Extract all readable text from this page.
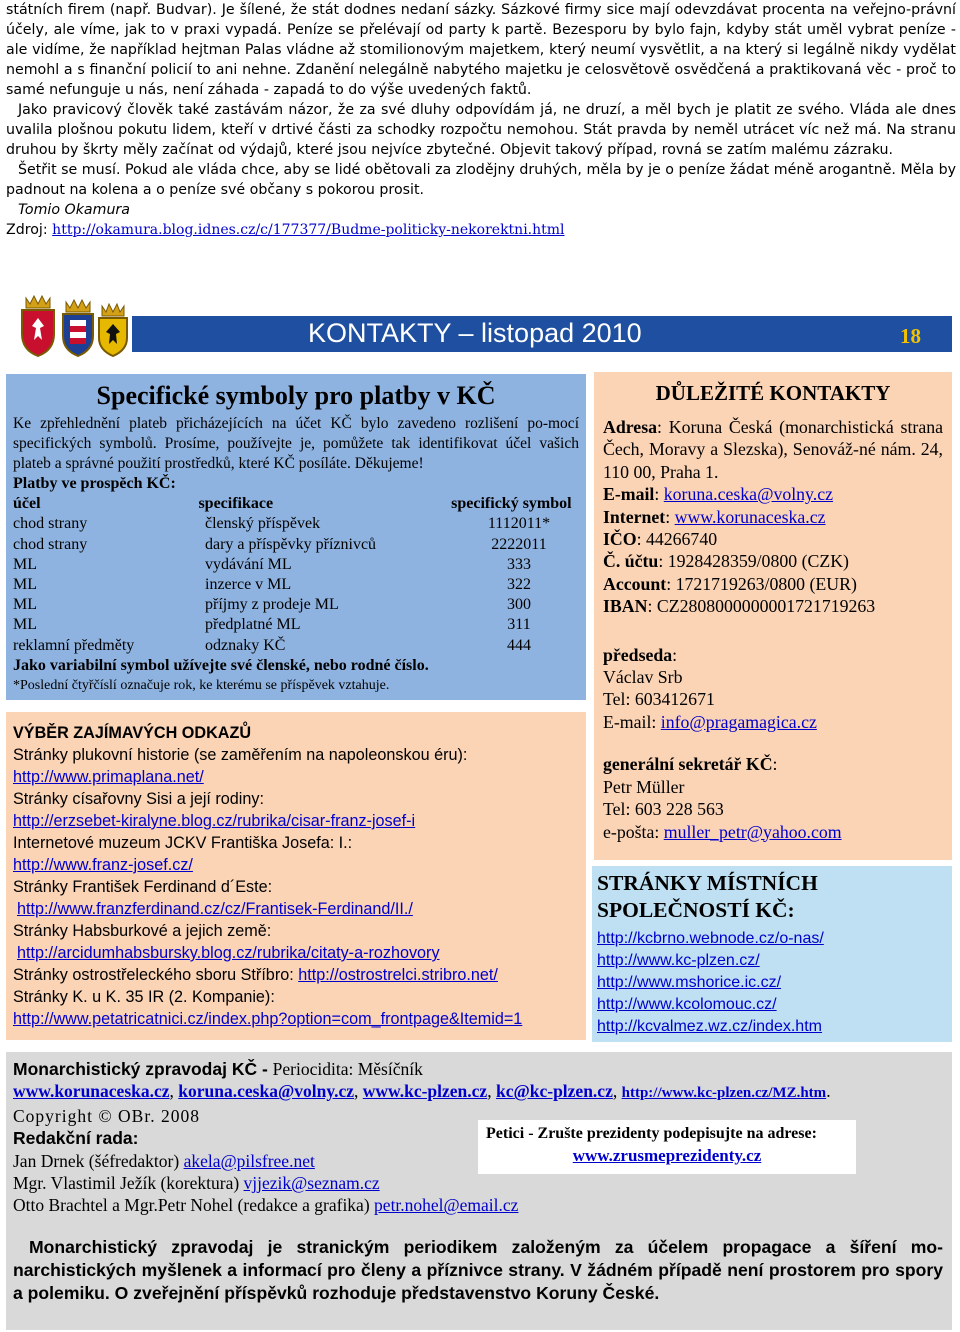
státních firem (např. Budvar). Je šílené, že stát dodnes nedaní sázky. Sázkové firmy sice mají odevzdávat procenta na veřejno-právní účely, ale víme, jak to v praxi vypadá. Peníze se přelévají od party k partě. Bezesporu by bylo fajn, kdyby stát uměl vybrat peníze - ale vidíme, že například hejtman Palas vládne až stomilionovým majetkem, který neumí vysvětlit, a na který si legálně nikdy vydělat nemohl a s finanční policií to ani nehne. Zdanění nelegálně nabytého majetku je celosvětově osvědčená a praktikovaná věc - proč to samé nefunguje u nás, není záhada - zapadá to do výše uvedených faktů.

Jako pravicový člověk také zastávám názor, že za své dluhy odpovídám já, ne druzí, a měl bych je platit ze svého. Vláda ale dnes uvalila plošnou pokutu lidem, kteří v drtivé části za schodky rozpočtu nemohou. Stát pravda by neměl utrácet víc než má. Na stranu druhou by škrty měly začínat od výdajů, které jsou nejvíce zbytečné. Objevit takový případ, rovná se zatím malému zázraku.

Šetřit se musí. Pokud ale vláda chce, aby se lidé obětovali za zlodějny druhých, měla by je o peníze žádat méně arogantně. Měla by padnout na kolena a o peníze své občany s pokorou prosit.

Tomio Okamura

Zdroj: http://okamura.blog.idnes.cz/c/177377/Budme-politicky-nekorektni.html

KONTAKTY – listopad 2010	18
Specifické symboly pro platby v KČ
Ke zpřehlednění plateb přicházejících na účet KČ bylo zavedeno rozlišení po-mocí specifických symbolů. Prosíme, používejte je, pomůžete tak identifikovat účel vašich plateb a správné použití prostředků, které KČ posíláte. Děkujeme!
Platby ve prospěch KČ:
účel	specifikace	specifický symbol
chod strany	členský příspěvek	1112011*
chod strany	dary a příspěvky příznivců	2222011
ML	vydávání ML	333
ML	inzerce v ML	322
ML	příjmy z prodeje ML	300
ML	předplatné ML	311
reklamní předměty	odznaky KČ	444
Jako variabilní symbol užívejte své členské, nebo rodné číslo.
*Poslední čtyřčíslí označuje rok, ke kterému se příspěvek vztahuje.
VÝBĚR ZAJÍMAVÝCH ODKAZŮ
Stránky plukovní historie (se zaměřením na napoleonskou éru):
http://www.primaplana.net/
Stránky císařovny Sisi a její rodiny:
http://erzsebet-kiralyne.blog.cz/rubrika/cisar-franz-josef-i
Internetové muzeum JCKV Františka Josefa: I.:
http://www.franz-josef.cz/
Stránky František Ferdinand d´Este:
http://www.franzferdinand.cz/cz/Frantisek-Ferdinand/II./
Stránky Habsburkové a jejich země:
http://arcidumhabsbursky.blog.cz/rubrika/citaty-a-rozhovory
Stránky ostrostřeleckého sboru Stříbro: http://ostrostrelci.stribro.net/
Stránky K. u K. 35 IR (2. Kompanie):
http://www.petatricatnici.cz/index.php?option=com_frontpage&Itemid=1
DŮLEŽITÉ KONTAKTY
Adresa: Koruna Česká (monarchistická strana Čech, Moravy a Slezska), Senováž-né nám. 24, 110 00, Praha 1.
E-mail: koruna.ceska@volny.cz
Internet: www.korunaceska.cz
IČO: 44266740
Č. účtu: 1928428359/0800 (CZK)
Account: 1721719263/0800 (EUR)
IBAN: CZ2808000000001721719263
předseda:
Václav Srb
Tel: 603412671
E-mail: info@pragamagica.cz
generální sekretář KČ:
Petr Müller
Tel: 603 228 563
e-pošta: muller_petr@yahoo.com
STRÁNKY MÍSTNÍCH SPOLEČNOSTÍ KČ:
http://kcbrno.webnode.cz/o-nas/
http://www.kc-plzen.cz/
http://www.mshorice.ic.cz/
http://www.kcolomouc.cz/
http://kcvalmez.wz.cz/index.htm
Monarchistický zpravodaj KČ - Periocidita: Měsíčník
www.korunaceska.cz, koruna.ceska@volny.cz, www.kc-plzen.cz, kc@kc-plzen.cz, http://www.kc-plzen.cz/MZ.htm.
Copyright © OBr. 2008
Redakční rada:
Jan Drnek (šéfredaktor) akela@pilsfree.net
Mgr. Vlastimil Ježík (korektura) vjjezik@seznam.cz
Otto Brachtel a Mgr.Petr Nohel (redakce a grafika) petr.nohel@email.cz
Petici - Zrušte prezidenty podepisujte na adrese:
www.zrusmeprezidenty.cz
Monarchistický zpravodaj je stranickým periodikem založeným za účelem propagace a šíření mo-narchistických myšlenek a informací pro členy a příznivce strany. V žádném případě není prostorem pro spory a polemiku. O zveřejnění příspěvků rozhoduje představenstvo Koruny České.
